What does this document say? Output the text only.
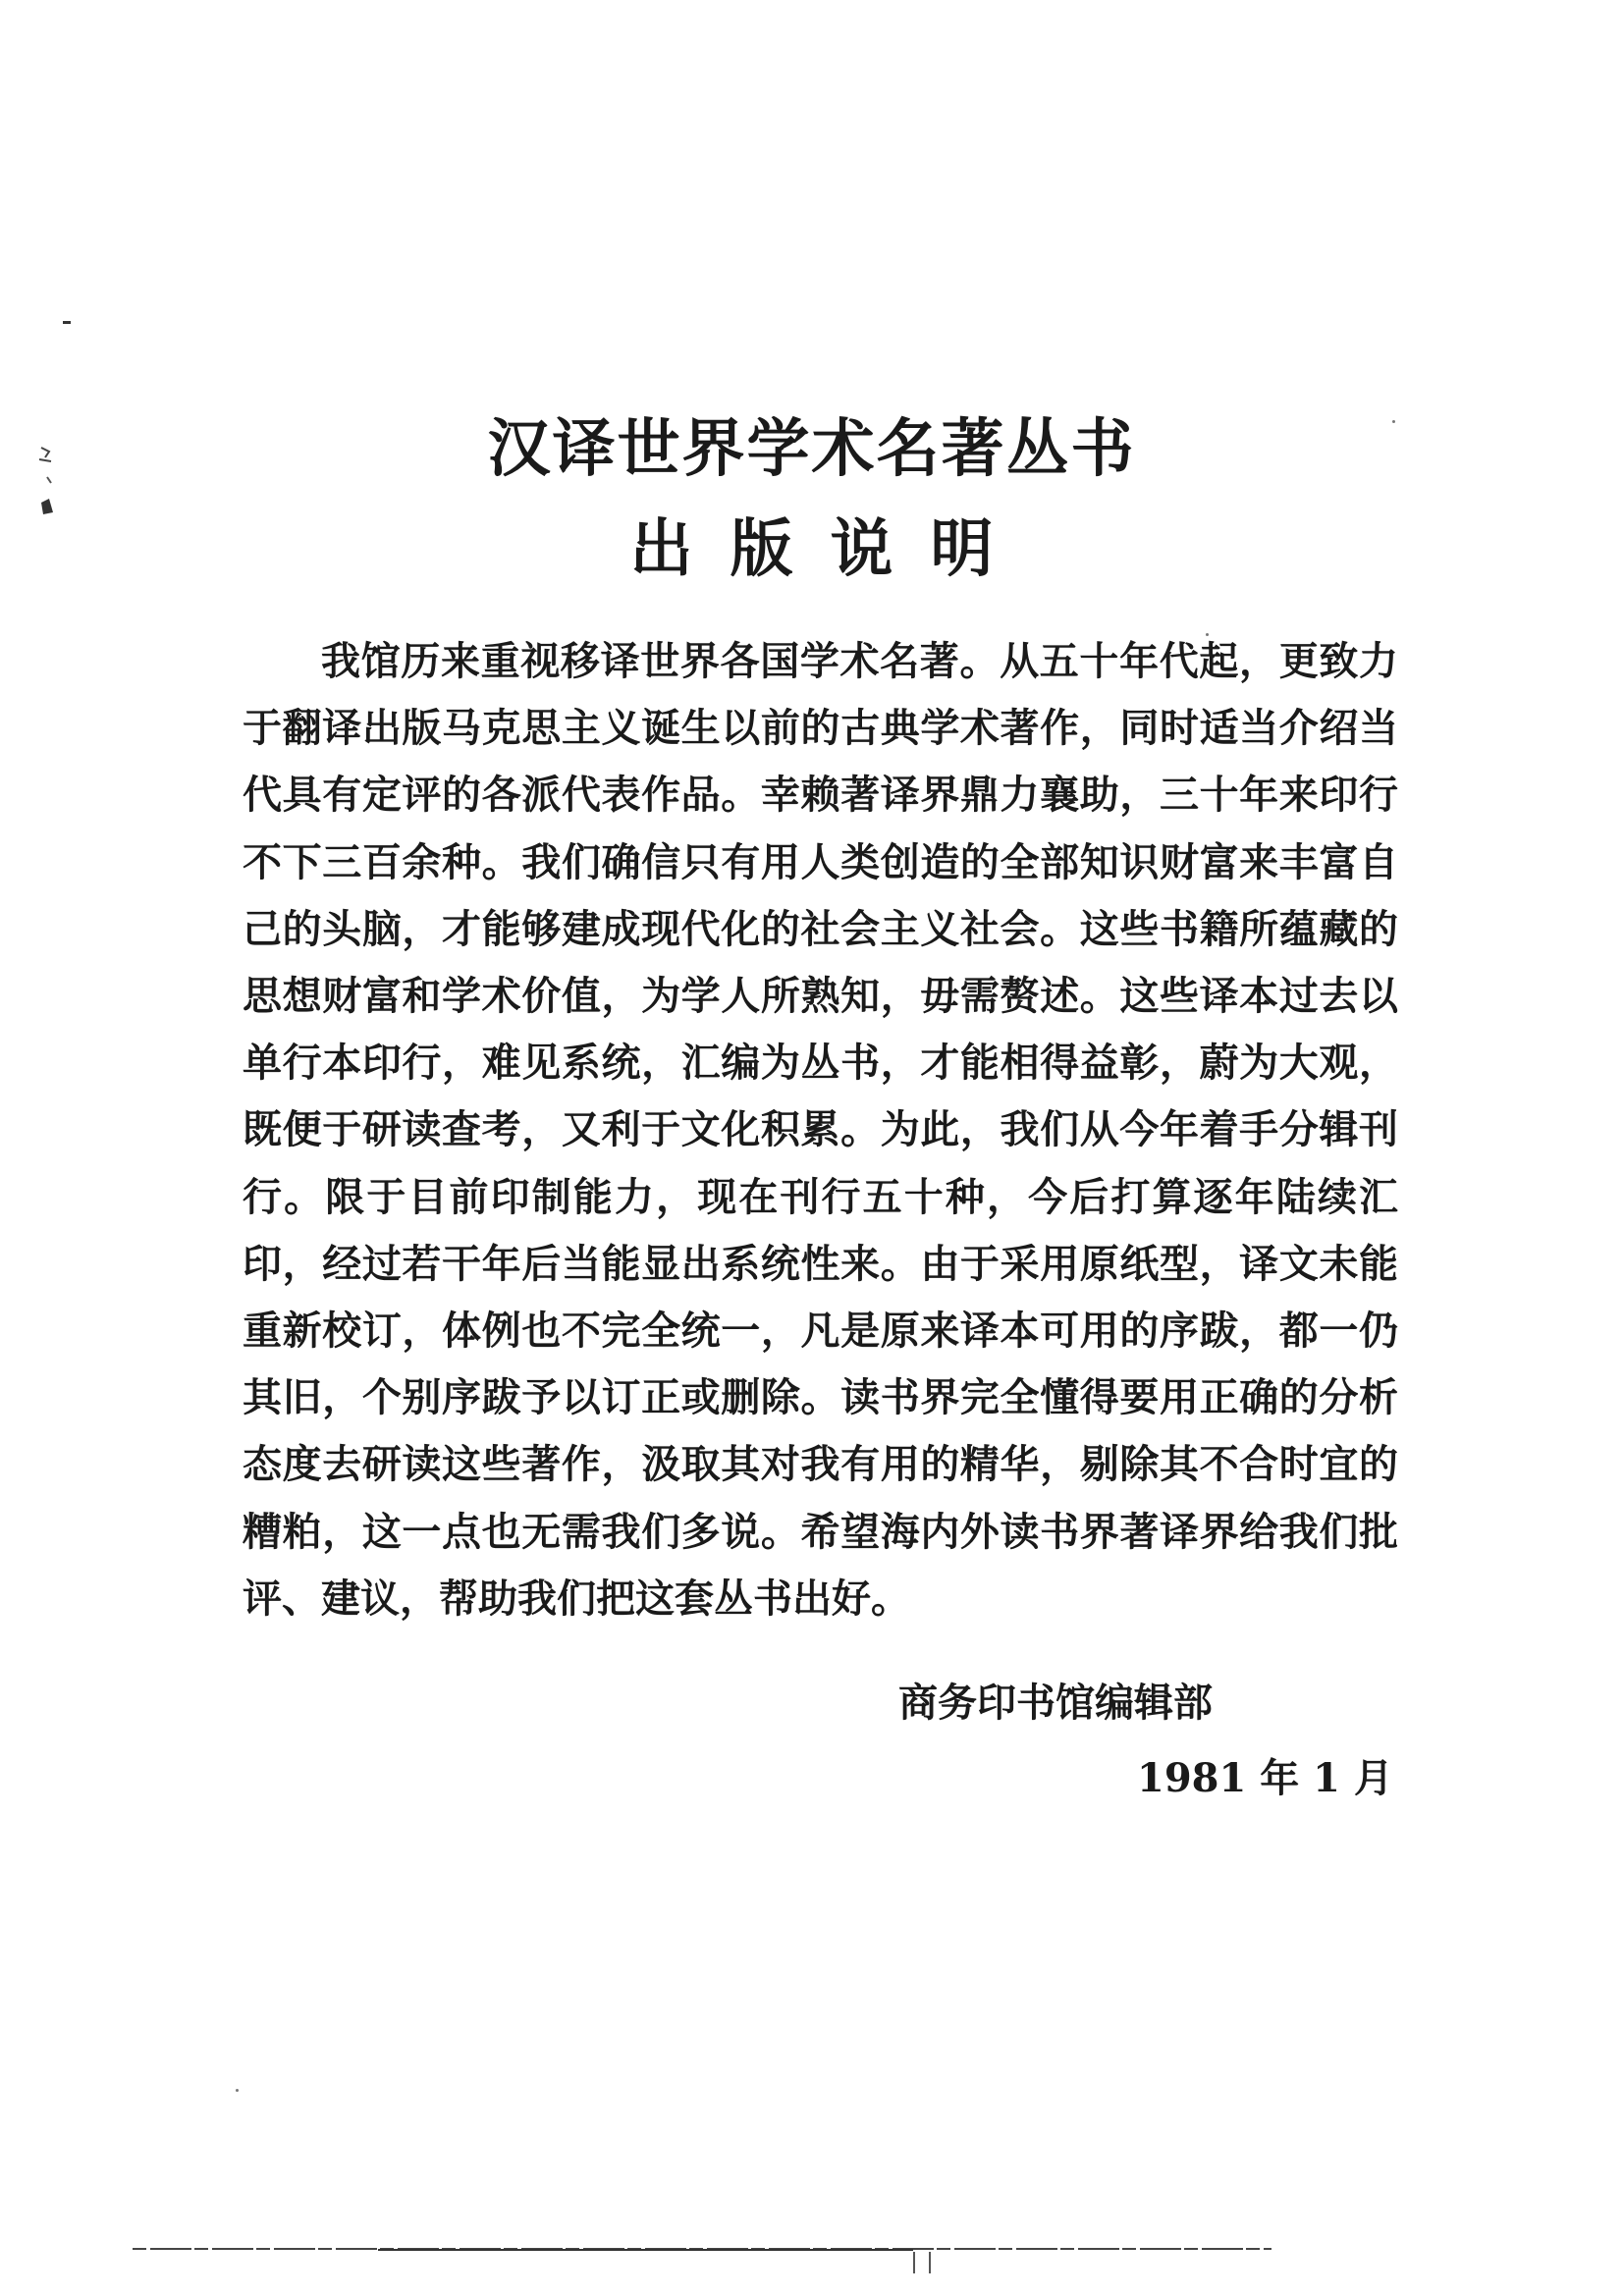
汉译世界学术名著丛书
出版说明

我馆历来重视移译世界各国学术名著。从五十年代起，更致力于翻译出版马克思主义诞生以前的古典学术著作，同时适当介绍当代具有定评的各派代表作品。幸赖著译界鼎力襄助，三十年来印行不下三百余种。我们确信只有用人类创造的全部知识财富来丰富自己的头脑，才能够建成现代化的社会主义社会。这些书籍所蕴藏的思想财富和学术价值，为学人所熟知，毋需赘述。这些译本过去以单行本印行，难见系统，汇编为丛书，才能相得益彰，蔚为大观，既便于研读查考，又利于文化积累。为此，我们从今年着手分辑刊行。限于目前印制能力，现在刊行五十种，今后打算逐年陆续汇印，经过若干年后当能显出系统性来。由于采用原纸型，译文未能重新校订，体例也不完全统一，凡是原来译本可用的序跋，都一仍其旧，个别序跋予以订正或删除。读书界完全懂得要用正确的分析态度去研读这些著作，汲取其对我有用的精华，剔除其不合时宜的糟粕，这一点也无需我们多说。希望海内外读书界著译界给我们批评、建议，帮助我们把这套丛书出好。

商务印书馆编辑部
1981 年 1 月
